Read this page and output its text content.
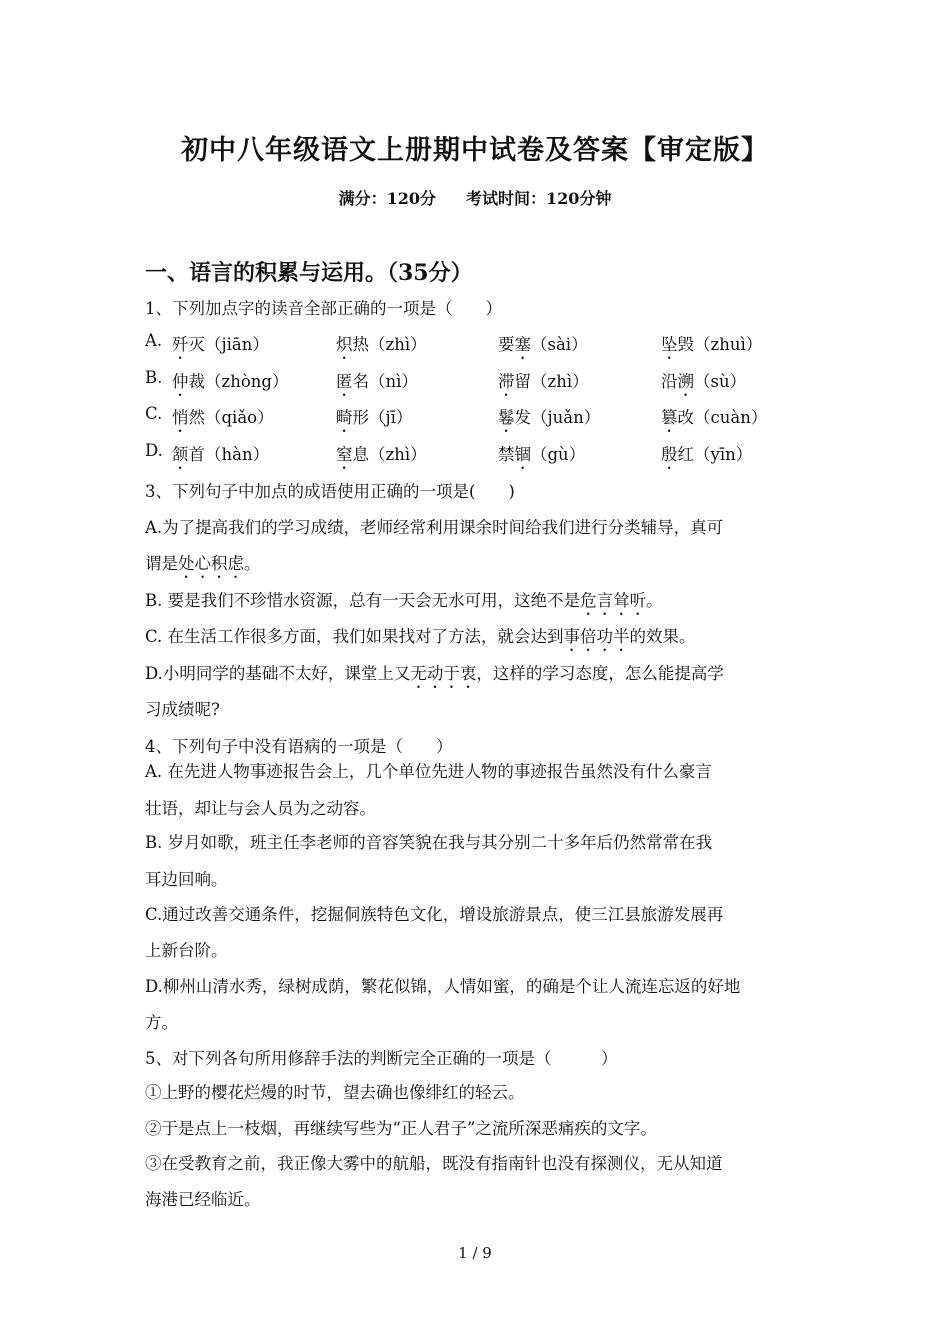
初中八年级语文上册期中试卷及答案【审定版】
满分：120分 考试时间：120分钟
一、语言的积累与运用。（35分）
1、下列加点字的读音全部正确的一项是（　　）
A. 歼灭（jiān）	炽热（zhì）	要塞（sài）	坠毁（zhuì）
B. 仲裁（zhòng）	匿名（nì）	滞留（zhì）	沿溯（sù）
C. 悄然（qiǎo）	畸形（jī）	鬈发（juǎn）	篡改（cuàn）
D. 颔首（hàn）	窒息（zhì）	禁锢（gù）	殷红（yīn）
3、下列句子中加点的成语使用正确的一项是(　　)
A.为了提高我们的学习成绩，老师经常利用课余时间给我们进行分类辅导，真可
谓是处心积虑。
B. 要是我们不珍惜水资源，总有一天会无水可用，这绝不是危言耸听。
C. 在生活工作很多方面，我们如果找对了方法，就会达到事倍功半的效果。
D.小明同学的基础不太好，课堂上又无动于衷，这样的学习态度，怎么能提高学
习成绩呢?
4、下列句子中没有语病的一项是（　　）
A. 在先进人物事迹报告会上，几个单位先进人物的事迹报告虽然没有什么豪言
壮语，却让与会人员为之动容。
B. 岁月如歌，班主任李老师的音容笑貌在我与其分别二十多年后仍然常常在我
耳边回响。
C.通过改善交通条件，挖掘侗族特色文化，增设旅游景点，使三江县旅游发展再
上新台阶。
D.柳州山清水秀，绿树成荫，繁花似锦，人情如蜜，的确是个让人流连忘返的好地
方。
5、对下列各句所用修辞手法的判断完全正确的一项是（　　　）
①上野的樱花烂熳的时节，望去确也像绯红的轻云。
②于是点上一枝烟，再继续写些为“正人君子”之流所深恶痛疾的文字。
③在受教育之前，我正像大雾中的航船，既没有指南针也没有探测仪，无从知道
海港已经临近。
1 / 9
